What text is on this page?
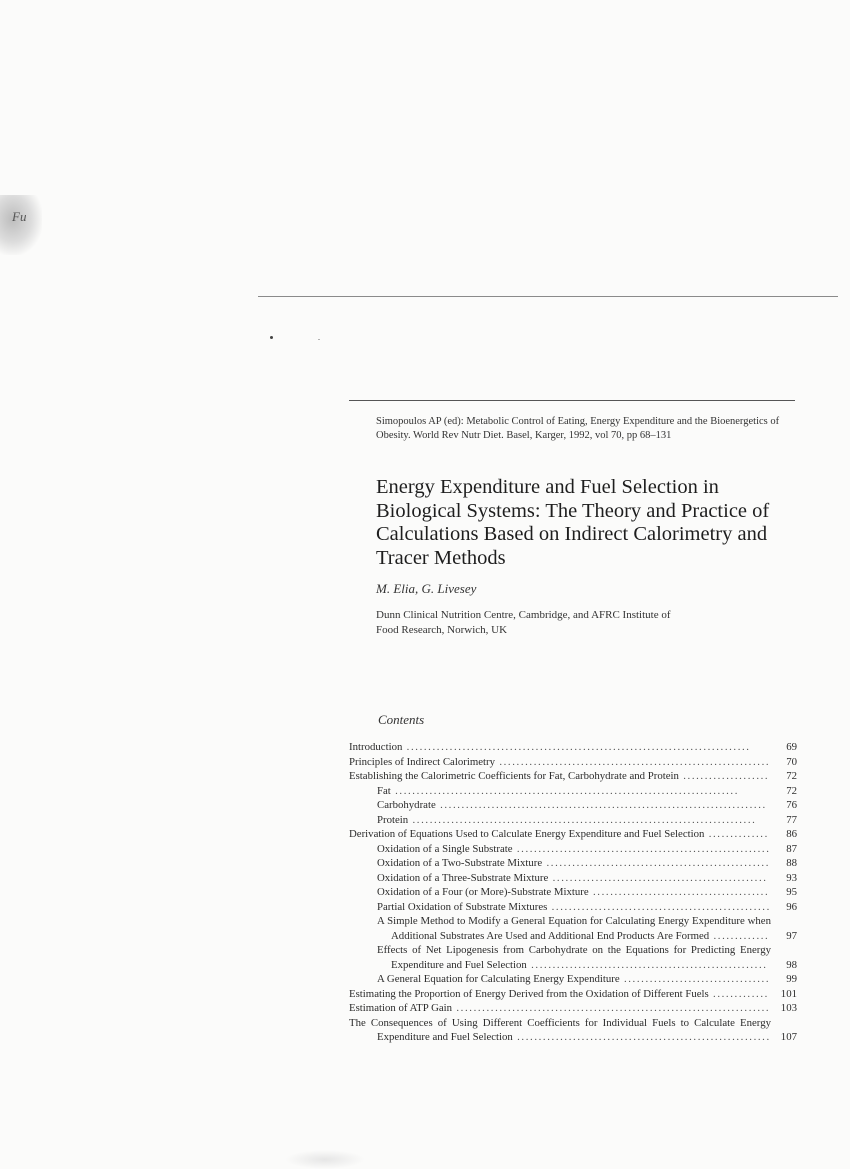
Fu
Simopoulos AP (ed): Metabolic Control of Eating, Energy Expenditure and the Bioenergetics of Obesity. World Rev Nutr Diet. Basel, Karger, 1992, vol 70, pp 68–131
Energy Expenditure and Fuel Selection in Biological Systems: The Theory and Practice of Calculations Based on Indirect Calorimetry and Tracer Methods
M. Elia, G. Livesey
Dunn Clinical Nutrition Centre, Cambridge, and AFRC Institute of
Food Research, Norwich, UK
Contents
Introduction ................................................................................	69
Principles of Indirect Calorimetry ...............................................................	70
Establishing the Calorimetric Coefficients for Fat, Carbohydrate and Protein ....................	72
Fat ................................................................................	72
Carbohydrate ............................................................................	76
Protein ................................................................................	77
Derivation of Equations Used to Calculate Energy Expenditure and Fuel Selection ..............	86
Oxidation of a Single Substrate ...........................................................	87
Oxidation of a Two-Substrate Mixture ....................................................	88
Oxidation of a Three-Substrate Mixture ..................................................	93
Oxidation of a Four (or More)-Substrate Mixture .........................................	95
Partial Oxidation of Substrate Mixtures ...................................................	96
A Simple Method to Modify a General Equation for Calculating Energy Expenditure when Additional Substrates Are Used and Additional End Products Are Formed .............	97
Effects of Net Lipogenesis from Carbohydrate on the Equations for Predicting Energy Expenditure and Fuel Selection .......................................................	98
A General Equation for Calculating Energy Expenditure ..................................	99
Estimating the Proportion of Energy Derived from the Oxidation of Different Fuels .............	101
Estimation of ATP Gain ......................................................................... 103
The Consequences of Using Different Coefficients for Individual Fuels to Calculate Energy Expenditure and Fuel Selection ........................................................... 107
